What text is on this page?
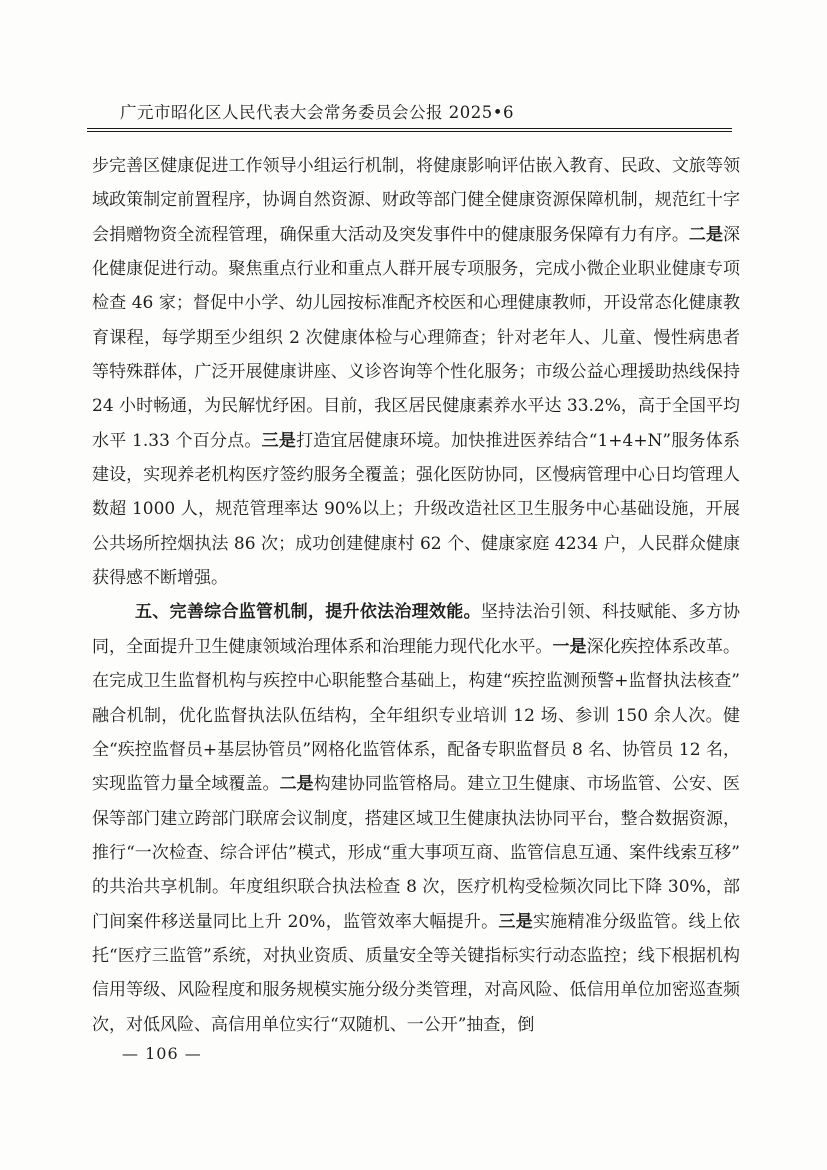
广元市昭化区人民代表大会常务委员会公报 2025•6

步完善区健康促进工作领导小组运行机制，将健康影响评估嵌入教育、民政、文旅等领域政策制定前置程序，协调自然资源、财政等部门健全健康资源保障机制，规范红十字会捐赠物资全流程管理，确保重大活动及突发事件中的健康服务保障有力有序。二是深化健康促进行动。聚焦重点行业和重点人群开展专项服务，完成小微企业职业健康专项检查 46 家；督促中小学、幼儿园按标准配齐校医和心理健康教师，开设常态化健康教育课程，每学期至少组织 2 次健康体检与心理筛查；针对老年人、儿童、慢性病患者等特殊群体，广泛开展健康讲座、义诊咨询等个性化服务；市级公益心理援助热线保持 24 小时畅通，为民解忧纾困。目前，我区居民健康素养水平达 33.2%，高于全国平均水平 1.33 个百分点。三是打造宜居健康环境。加快推进医养结合“1+4+N”服务体系建设，实现养老机构医疗签约服务全覆盖；强化医防协同，区慢病管理中心日均管理人数超 1000 人，规范管理率达 90%以上；升级改造社区卫生服务中心基础设施，开展公共场所控烟执法 86 次；成功创建健康村 62 个、健康家庭 4234 户，人民群众健康获得感不断增强。

五、完善综合监管机制，提升依法治理效能。坚持法治引领、科技赋能、多方协同，全面提升卫生健康领域治理体系和治理能力现代化水平。一是深化疾控体系改革。在完成卫生监督机构与疾控中心职能整合基础上，构建“疾控监测预警+监督执法核查”融合机制，优化监督执法队伍结构，全年组织专业培训 12 场、参训 150 余人次。健全“疾控监督员+基层协管员”网格化监管体系，配备专职监督员 8 名、协管员 12 名，实现监管力量全域覆盖。二是构建协同监管格局。建立卫生健康、市场监管、公安、医保等部门建立跨部门联席会议制度，搭建区域卫生健康执法协同平台，整合数据资源，推行“一次检查、综合评估”模式，形成“重大事项互商、监管信息互通、案件线索互移”的共治共享机制。年度组织联合执法检查 8 次，医疗机构受检频次同比下降 30%，部门间案件移送量同比上升 20%，监管效率大幅提升。三是实施精准分级监管。线上依托“医疗三监管”系统，对执业资质、质量安全等关键指标实行动态监控；线下根据机构信用等级、风险程度和服务规模实施分级分类管理，对高风险、低信用单位加密巡查频次，对低风险、高信用单位实行“双随机、一公开”抽查，倒

— 106 —
